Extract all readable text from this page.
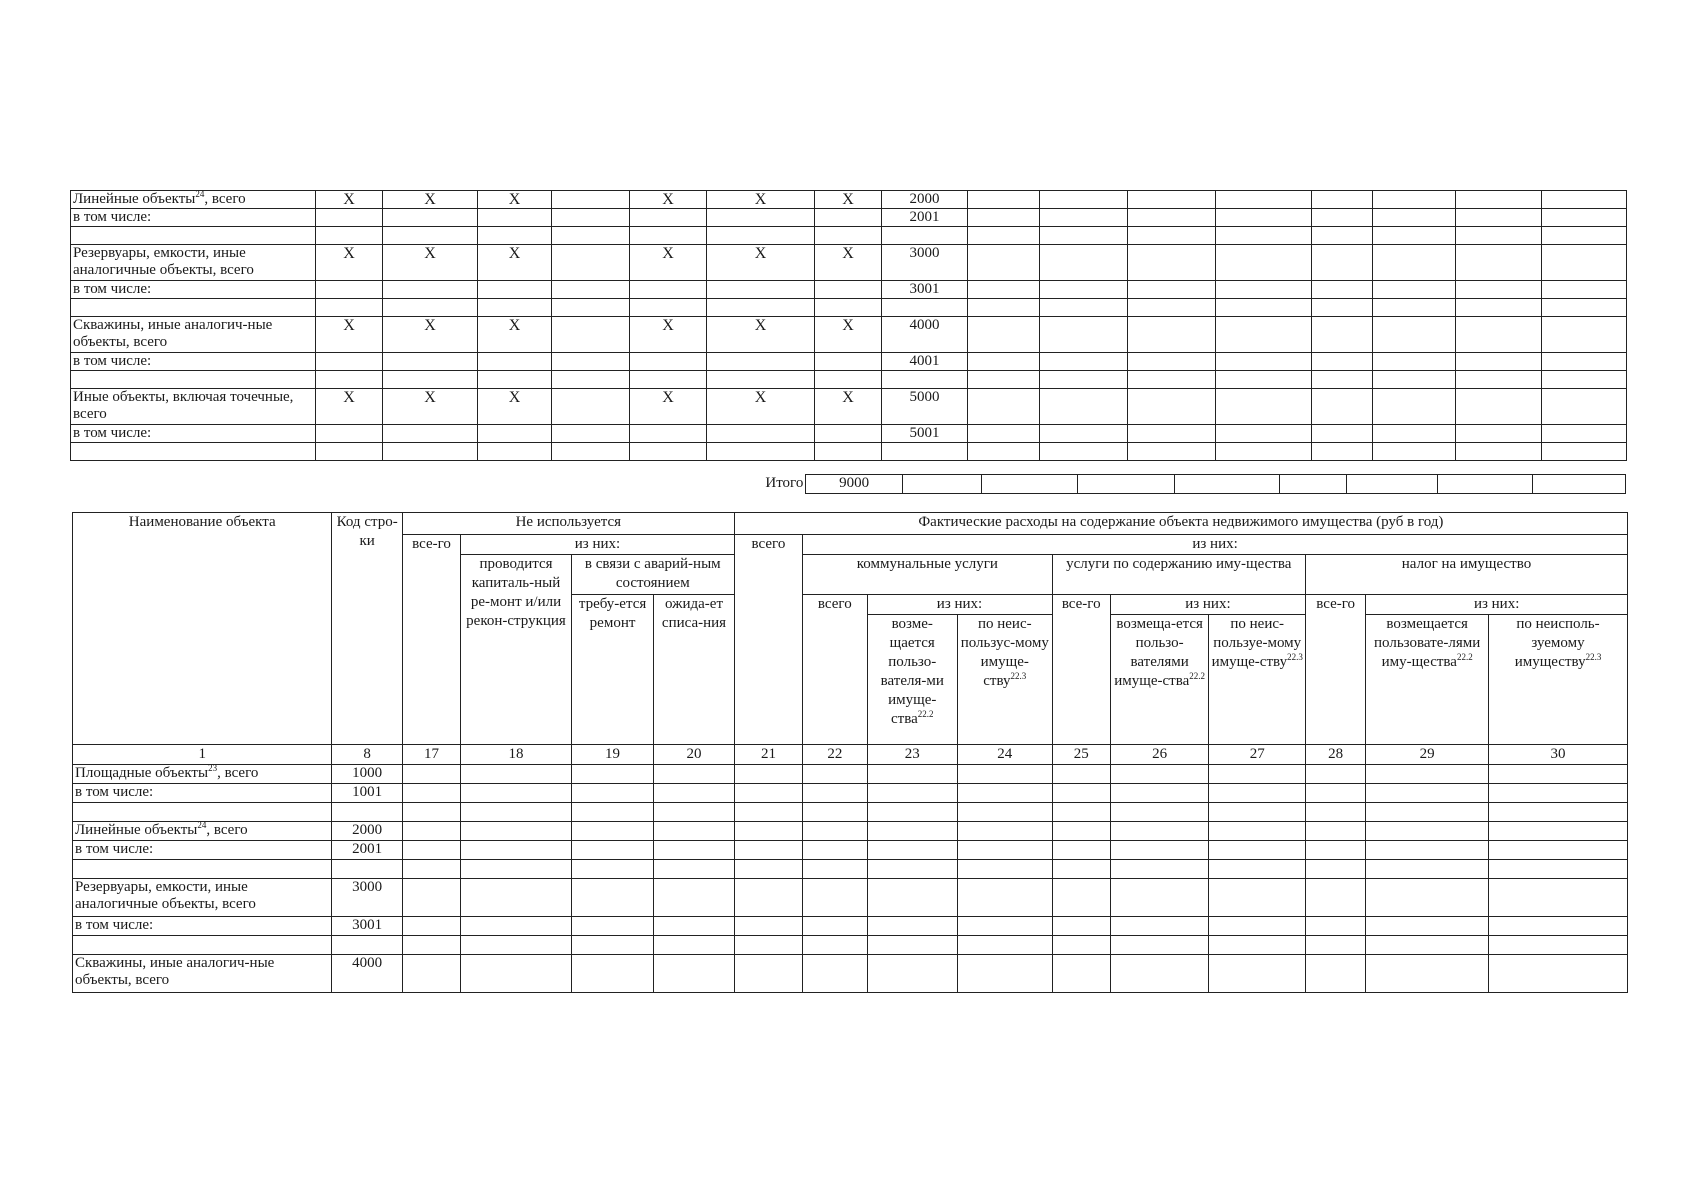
Линейные объекты$^{24}$, всего	X	X	X		X	X	X	2000									
в том числе:								2001									

Резервуары, емкости, иные аналогичные объекты, всего	X	X	X		X	X	X	3000									
в том числе:								3001									

Скважины, иные аналогич-ные объекты, всего	X	X	X		X	X	X	4000									
в том числе:								4001									

Иные объекты, включая точечные, всего	X	X	X		X	X	X	5000									
в том числе:								5001									

Итого	9000								
Наименование объекта	Код стро-ки	Не используется				Фактические расходы на содержание объекта недвижимого имущества (руб в год)									
		все-го	из них:			всего	из них:								
			проводится капиталь-ный ре-монт и/или рекон-струкция	в связи с аварий-ным состоянием			коммунальные услуги			услуги по содержанию иму-щества			налог на имущество		
				требу-ется ремонт	ожида-ет списа-ния		всего	из них:		все-го	из них:		все-го	из них:	
								возме-щается пользо-вателя-ми имуще-ства$^{22.2}$	по неис-пользус-мому имуще-ству$^{22.3}$		возмеща-ется пользо-вателями имуще-ства$^{22.2}$	по неис-пользуе-мому имуще-ству$^{22.3}$		возмещается пользовате-лями иму-щества$^{22.2}$	по неисполь-зуемому имуществу$^{22.3}$
1	8	17	18	19	20	21	22	23	24	25	26	27	28	29	30
Площадные объекты$^{23}$, всего	1000														
в том числе:	1001														

Линейные объекты$^{24}$, всего	2000														
в том числе:	2001														

Резервуары, емкости, иные аналогичные объекты, всего	3000														
в том числе:	3001														

Скважины, иные аналогич-ные объекты, всего	4000														
